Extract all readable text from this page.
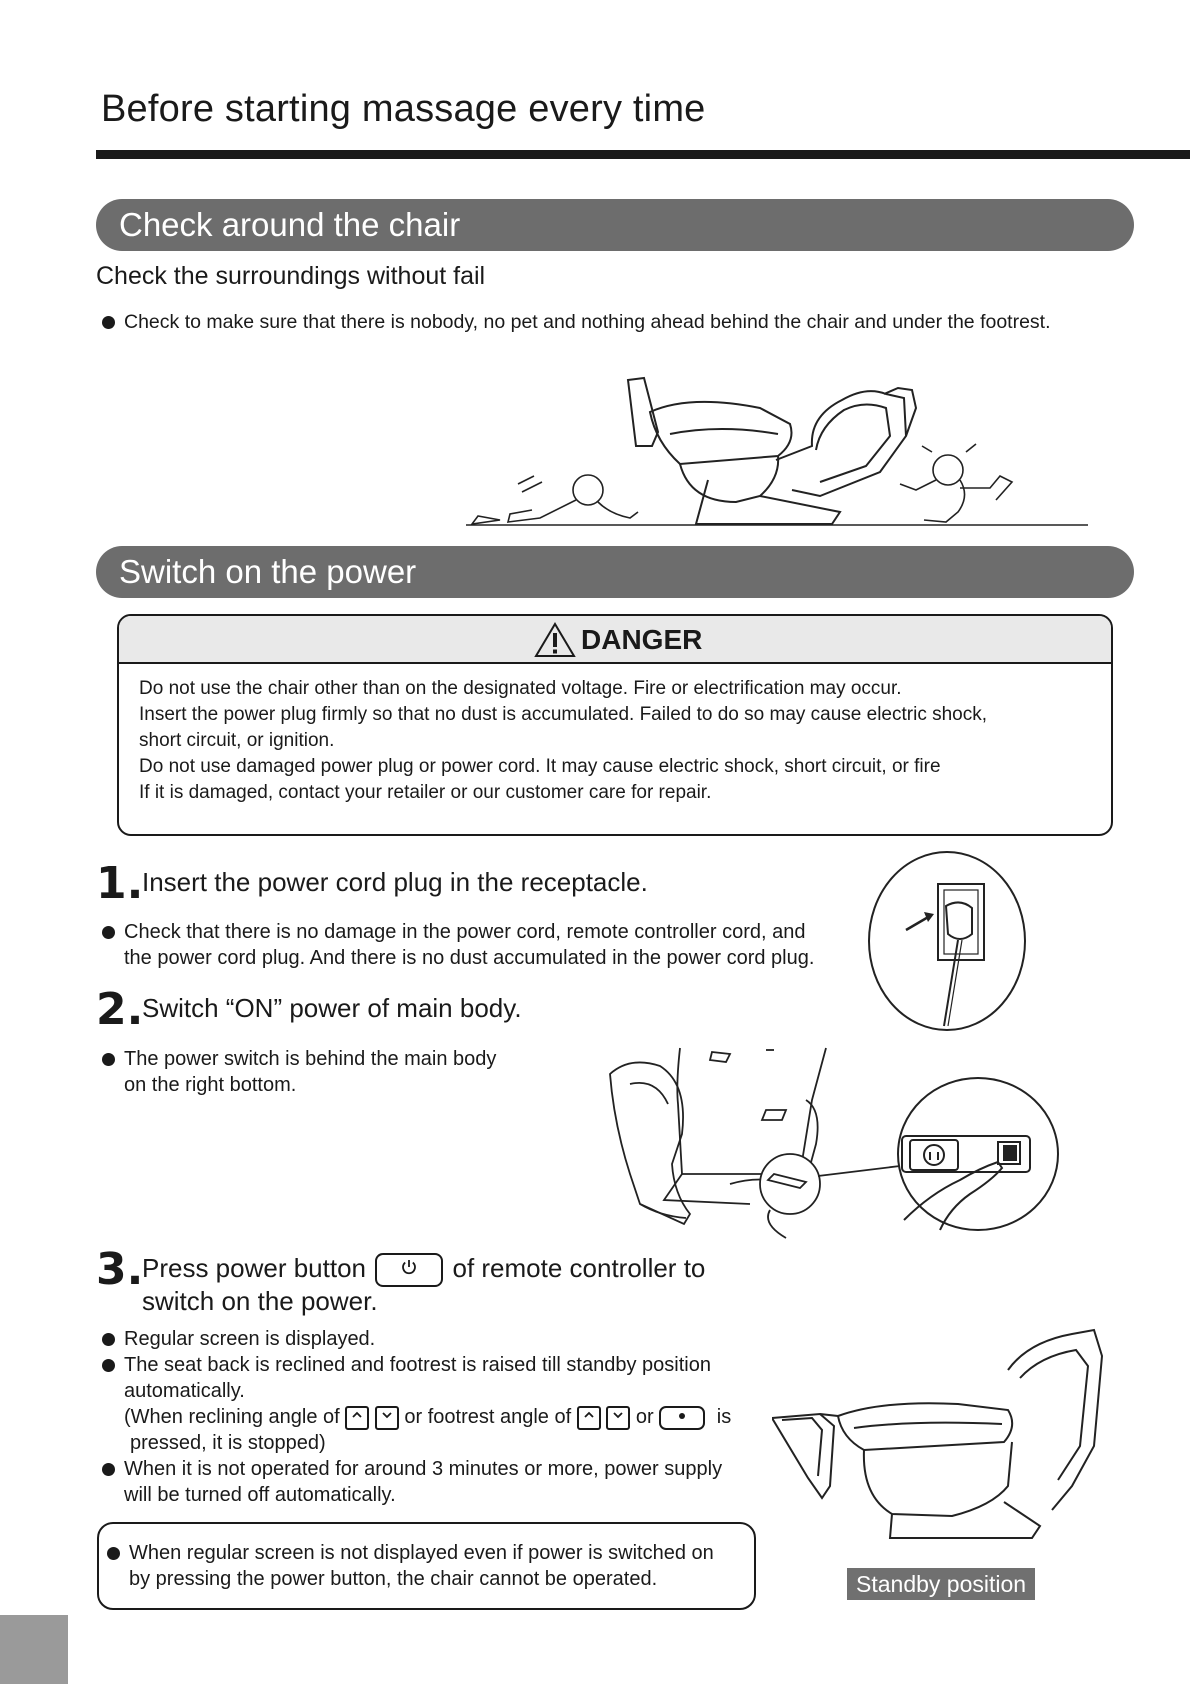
Before starting massage every time
Check around the chair
Check the surroundings without fail
Check to make sure that there is nobody, no pet and nothing ahead behind the chair and under the footrest.
Switch on the power
DANGER
Do not use the chair other than on the designated voltage. Fire or electrification may occur.
Insert the power plug firmly so that no dust is accumulated. Failed to do so may cause electric shock,
short circuit, or ignition.
Do not use damaged power plug or power cord. It may cause electric shock, short circuit, or fire
If it is damaged, contact your retailer or our customer care for repair.
1.
Insert the power cord plug in the receptacle.
Check that there is no damage in the power cord, remote controller cord, and
the power cord plug. And there is no dust accumulated in the power cord plug.
2.
Switch “ON” power of main body.
The power switch is behind the main body
on the right bottom.
3.
Press power button	of remote controller to
switch on the power.
Regular screen is displayed.
The seat back is reclined and footrest is raised till standby position
automatically.
(When reclining angle of	or footrest angle of	or	is
pressed, it is stopped)
When it is not operated for around 3 minutes or more, power supply
will be turned off automatically.
When regular screen is not displayed even if power is switched on
by pressing the power button, the chair cannot be operated.	Standby position
